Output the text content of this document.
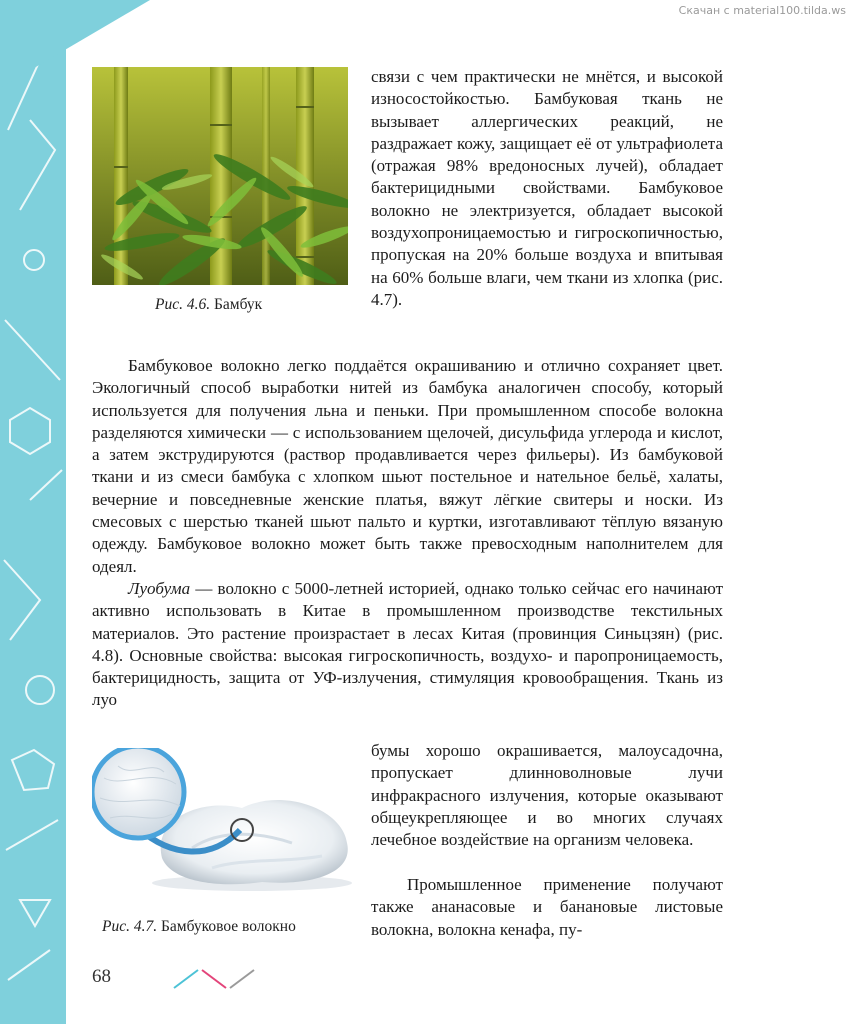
Скачан с material100.tilda.ws
Рис. 4.6. Бамбук

связи с чем практически не мнётся, и высокой износостойкостью. Бамбуковая ткань не вызывает аллергических реакций, не раздражает кожу, защищает её от ультрафиолета (отражая 98% вредоносных лучей), обладает бактерицидными свойствами. Бамбуковое волокно не электризуется, обладает высокой воздухопроницаемостью и гигроскопичностью, пропуская на 20% больше воздуха и впитывая на 60% больше влаги, чем ткани из хлопка (рис. 4.7).

Бамбуковое волокно легко поддаётся окрашиванию и отлично сохраняет цвет. Экологичный способ выработки нитей из бамбука аналогичен способу, который используется для получения льна и пеньки. При промышленном способе волокна разделяются химически — с использованием щелочей, дисульфида углерода и кислот, а затем экструдируются (раствор продавливается через фильеры). Из бамбуковой ткани и из смеси бамбука с хлопком шьют постельное и нательное бельё, халаты, вечерние и повседневные женские платья, вяжут лёгкие свитеры и носки. Из смесовых с шерстью тканей шьют пальто и куртки, изготавливают тёплую вязаную одежду. Бамбуковое волокно может быть также превосходным наполнителем для одеял.

Луобума — волокно с 5000-летней историей, однако только сейчас его начинают активно использовать в Китае в промышленном производстве текстильных материалов. Это растение произрастает в лесах Китая (провинция Синьцзян) (рис. 4.8). Основные свойства: высокая гигроскопичность, воздухо- и паропроницаемость, бактерицидность, защита от УФ-излучения, стимуляция кровообращения. Ткань из луо

Рис. 4.7. Бамбуковое волокно

бумы хорошо окрашивается, малоусадочна, пропускает длинноволновые лучи инфракрасного излучения, которые оказывают общеукрепляющее и во многих случаях лечебное воздействие на организм человека.

Промышленное применение получают также ананасовые и банановые листовые волокна, волокна кенафа, пу-

68
